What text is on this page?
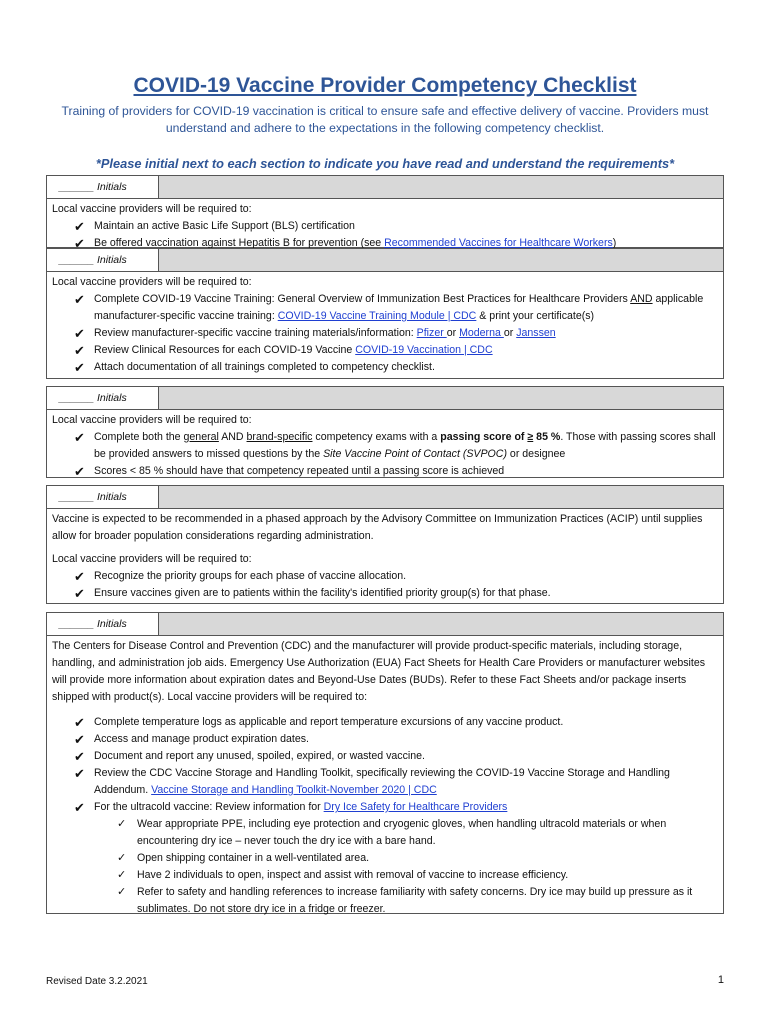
COVID-19 Vaccine Provider Competency Checklist
Training of providers for COVID-19 vaccination is critical to ensure safe and effective delivery of vaccine. Providers must understand and adhere to the expectations in the following competency checklist.
*Please initial next to each section to indicate you have read and understand the requirements*
______ Initials

Local vaccine providers will be required to:

✔ Maintain an active Basic Life Support (BLS) certification
✔ Be offered vaccination against Hepatitis B for prevention (see Recommended Vaccines for Healthcare Workers)
______ Initials

Local vaccine providers will be required to:

✔ Complete COVID-19 Vaccine Training: General Overview of Immunization Best Practices for Healthcare Providers AND applicable manufacturer-specific vaccine training: COVID-19 Vaccine Training Module | CDC & print your certificate(s)
✔ Review manufacturer-specific vaccine training materials/information: Pfizer or Moderna or Janssen
✔ Review Clinical Resources for each COVID-19 Vaccine COVID-19 Vaccination | CDC
✔ Attach documentation of all trainings completed to competency checklist.
______ Initials

Local vaccine providers will be required to:

✔ Complete both the general AND brand-specific competency exams with a passing score of ≥ 85 %. Those with passing scores shall be provided answers to missed questions by the Site Vaccine Point of Contact (SVPOC) or designee
✔ Scores < 85 % should have that competency repeated until a passing score is achieved
______ Initials

Vaccine is expected to be recommended in a phased approach by the Advisory Committee on Immunization Practices (ACIP) until supplies allow for broader population considerations regarding administration.

Local vaccine providers will be required to:

✔ Recognize the priority groups for each phase of vaccine allocation.
✔ Ensure vaccines given are to patients within the facility's identified priority group(s) for that phase.
______ Initials

The Centers for Disease Control and Prevention (CDC) and the manufacturer will provide product-specific materials, including storage, handling, and administration job aids. Emergency Use Authorization (EUA) Fact Sheets for Health Care Providers or manufacturer websites will provide more information about expiration dates and Beyond-Use Dates (BUDs). Refer to these Fact Sheets and/or package inserts shipped with product(s). Local vaccine providers will be required to:

✔ Complete temperature logs as applicable and report temperature excursions of any vaccine product.
✔ Access and manage product expiration dates.
✔ Document and report any unused, spoiled, expired, or wasted vaccine.
✔ Review the CDC Vaccine Storage and Handling Toolkit, specifically reviewing the COVID-19 Vaccine Storage and Handling Addendum. Vaccine Storage and Handling Toolkit-November 2020 | CDC
✔ For the ultracold vaccine: Review information for Dry Ice Safety for Healthcare Providers
✓ Wear appropriate PPE, including eye protection and cryogenic gloves, when handling ultracold materials or when encountering dry ice – never touch the dry ice with a bare hand.
✓ Open shipping container in a well-ventilated area.
✓ Have 2 individuals to open, inspect and assist with removal of vaccine to increase efficiency.
✓ Refer to safety and handling references to increase familiarity with safety concerns. Dry ice may build up pressure as it sublimates. Do not store dry ice in a fridge or freezer.
Revised Date 3.2.2021	1
